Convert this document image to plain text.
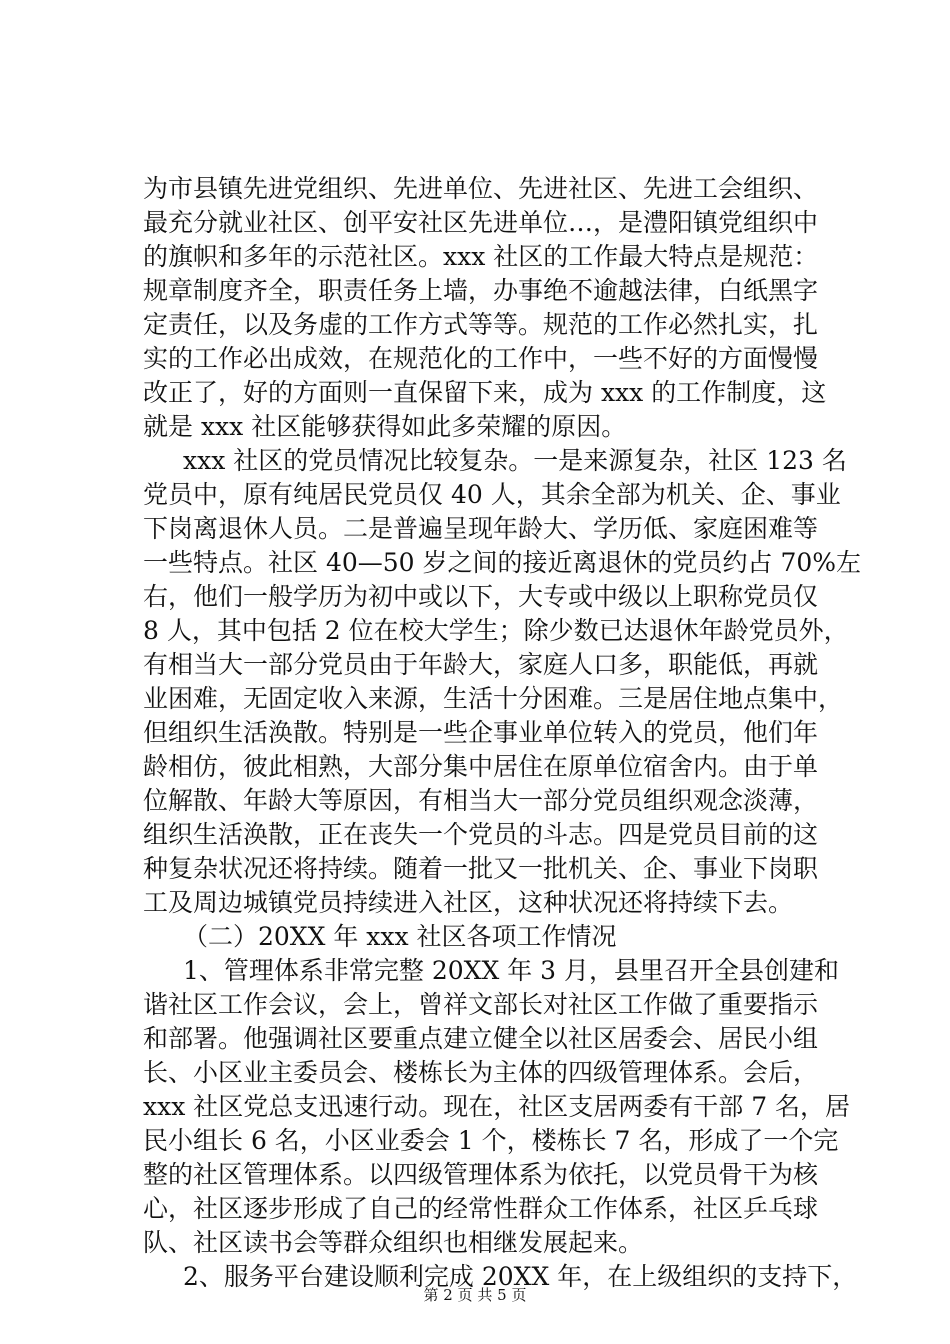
为市县镇先进党组织、先进单位、先进社区、先进工会组织、
最充分就业社区、创平安社区先进单位…，是澧阳镇党组织中
的旗帜和多年的示范社区。xxx 社区的工作最大特点是规范：
规章制度齐全，职责任务上墙，办事绝不逾越法律，白纸黑字
定责任，以及务虚的工作方式等等。规范的工作必然扎实，扎
实的工作必出成效，在规范化的工作中，一些不好的方面慢慢
改正了，好的方面则一直保留下来，成为 xxx 的工作制度，这
就是 xxx 社区能够获得如此多荣耀的原因。
xxx 社区的党员情况比较复杂。一是来源复杂，社区 123 名
党员中，原有纯居民党员仅 40 人，其余全部为机关、企、事业
下岗离退休人员。二是普遍呈现年龄大、学历低、家庭困难等
一些特点。社区 40—50 岁之间的接近离退休的党员约占 70%左
右，他们一般学历为初中或以下，大专或中级以上职称党员仅
8 人，其中包括 2 位在校大学生；除少数已达退休年龄党员外，
有相当大一部分党员由于年龄大，家庭人口多，职能低，再就
业困难，无固定收入来源，生活十分困难。三是居住地点集中，
但组织生活涣散。特别是一些企事业单位转入的党员，他们年
龄相仿，彼此相熟，大部分集中居住在原单位宿舍内。由于单
位解散、年龄大等原因，有相当大一部分党员组织观念淡薄，
组织生活涣散，正在丧失一个党员的斗志。四是党员目前的这
种复杂状况还将持续。随着一批又一批机关、企、事业下岗职
工及周边城镇党员持续进入社区，这种状况还将持续下去。
（二）20XX 年 xxx 社区各项工作情况
1、管理体系非常完整 20XX 年 3 月，县里召开全县创建和
谐社区工作会议，会上，曾祥文部长对社区工作做了重要指示
和部署。他强调社区要重点建立健全以社区居委会、居民小组
长、小区业主委员会、楼栋长为主体的四级管理体系。会后，
xxx 社区党总支迅速行动。现在，社区支居两委有干部 7 名，居
民小组长 6 名，小区业委会 1 个，楼栋长 7 名，形成了一个完
整的社区管理体系。以四级管理体系为依托，以党员骨干为核
心，社区逐步形成了自己的经常性群众工作体系，社区乒乓球
队、社区读书会等群众组织也相继发展起来。
2、服务平台建设顺利完成 20XX 年，在上级组织的支持下，
第 2 页 共 5 页
